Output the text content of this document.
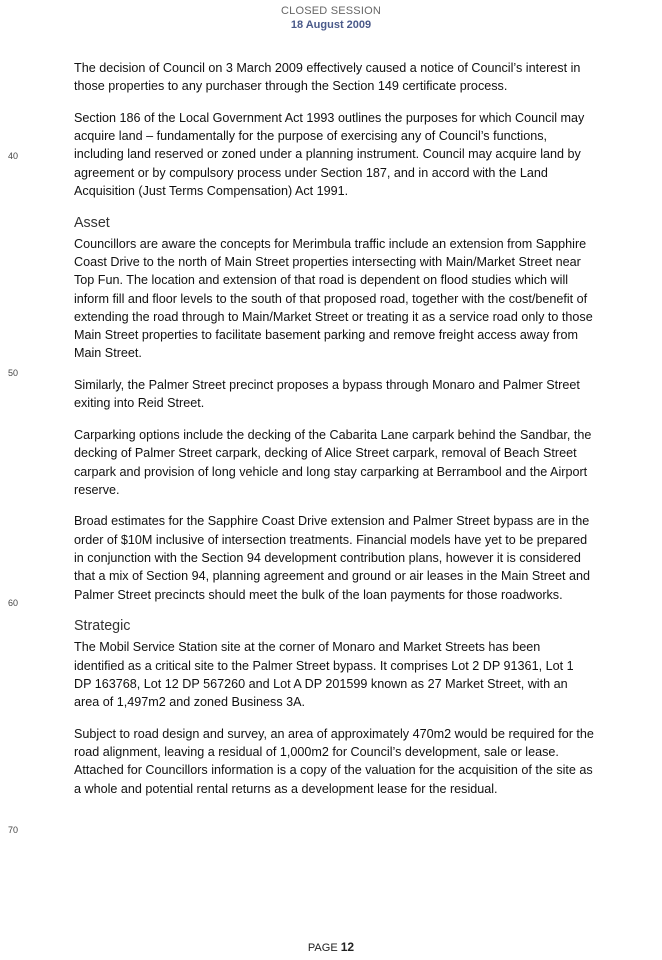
CLOSED SESSION
18 August 2009
40
50
60
70

The decision of Council on 3 March 2009 effectively caused a notice of Council’s interest in those properties to any purchaser through the Section 149 certificate process.

Section 186 of the Local Government Act 1993 outlines the purposes for which Council may acquire land – fundamentally for the purpose of exercising any of Council’s functions, including land reserved or zoned under a planning instrument. Council may acquire land by agreement or by compulsory process under Section 187, and in accord with the Land Acquisition (Just Terms Compensation) Act 1991.

Asset

Councillors are aware the concepts for Merimbula traffic include an extension from Sapphire Coast Drive to the north of Main Street properties intersecting with Main/Market Street near Top Fun. The location and extension of that road is dependent on flood studies which will inform fill and floor levels to the south of that proposed road, together with the cost/benefit of extending the road through to Main/Market Street or treating it as a service road only to those Main Street properties to facilitate basement parking and remove freight access away from Main Street.

Similarly, the Palmer Street precinct proposes a bypass through Monaro and Palmer Street exiting into Reid Street.

Carparking options include the decking of the Cabarita Lane carpark behind the Sandbar, the decking of Palmer Street carpark, decking of Alice Street carpark, removal of Beach Street carpark and provision of long vehicle and long stay carparking at Berrambool and the Airport reserve.

Broad estimates for the Sapphire Coast Drive extension and Palmer Street bypass are in the order of $10M inclusive of intersection treatments. Financial models have yet to be prepared in conjunction with the Section 94 development contribution plans, however it is considered that a mix of Section 94, planning agreement and ground or air leases in the Main Street and Palmer Street precincts should meet the bulk of the loan payments for those roadworks.

Strategic

The Mobil Service Station site at the corner of Monaro and Market Streets has been identified as a critical site to the Palmer Street bypass. It comprises Lot 2 DP 91361, Lot 1 DP 163768, Lot 12 DP 567260 and Lot A DP 201599 known as 27 Market Street, with an area of 1,497m2 and zoned Business 3A.

Subject to road design and survey, an area of approximately 470m2 would be required for the road alignment, leaving a residual of 1,000m2 for Council’s development, sale or lease. Attached for Councillors information is a copy of the valuation for the acquisition of the site as a whole and potential rental returns as a development lease for the residual.

PAGE 12
